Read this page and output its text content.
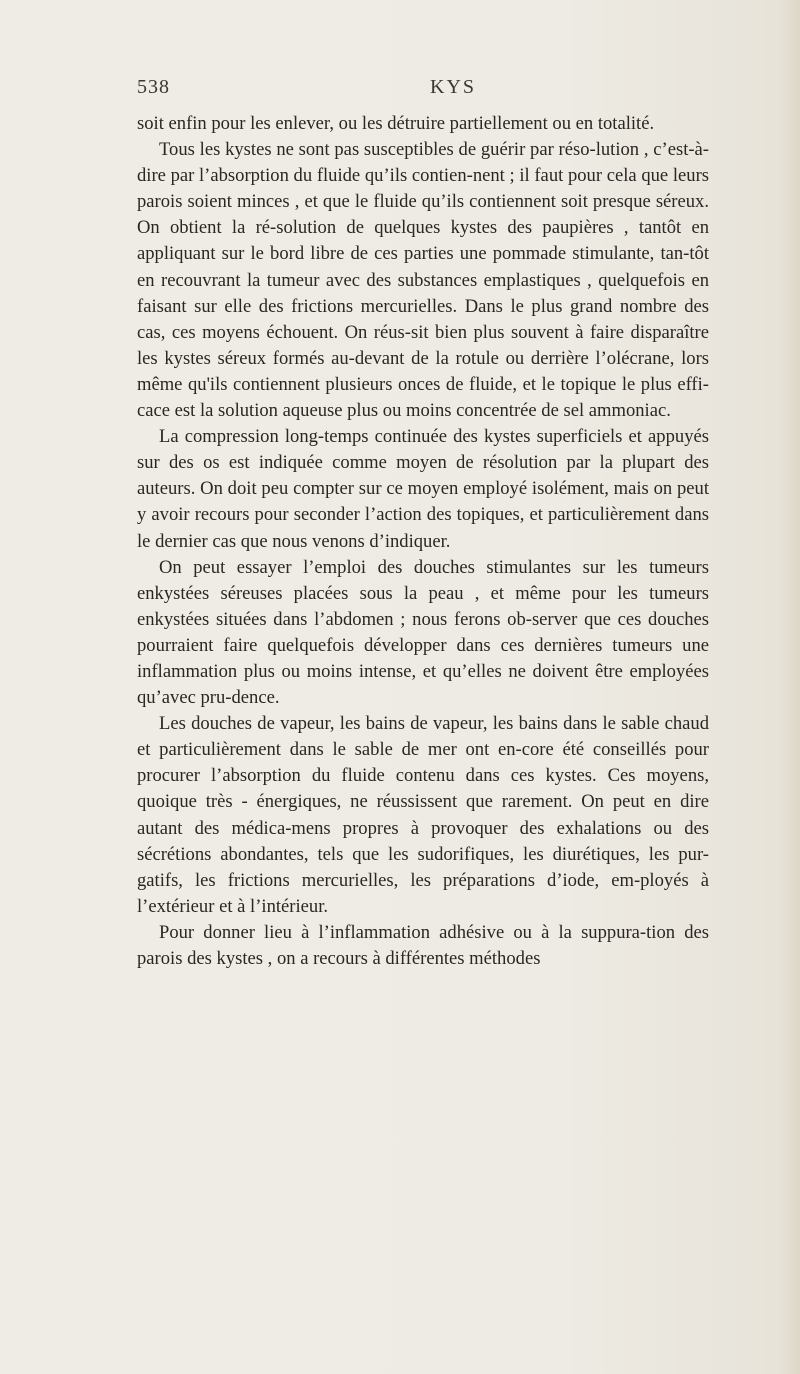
538	KYS

soit enfin pour les enlever, ou les détruire partiellement ou en totalité.

Tous les kystes ne sont pas susceptibles de guérir par réso-lution , c’est-à-dire par l’absorption du fluide qu’ils contien-nent ; il faut pour cela que leurs parois soient minces , et que le fluide qu’ils contiennent soit presque séreux. On obtient la ré-solution de quelques kystes des paupières , tantôt en appliquant sur le bord libre de ces parties une pommade stimulante, tan-tôt en recouvrant la tumeur avec des substances emplastiques , quelquefois en faisant sur elle des frictions mercurielles. Dans le plus grand nombre des cas, ces moyens échouent. On réus-sit bien plus souvent à faire disparaître les kystes séreux formés au-devant de la rotule ou derrière l’olécrane, lors même qu'ils contiennent plusieurs onces de fluide, et le topique le plus effi-cace est la solution aqueuse plus ou moins concentrée de sel ammoniac.

La compression long-temps continuée des kystes superficiels et appuyés sur des os est indiquée comme moyen de résolution par la plupart des auteurs. On doit peu compter sur ce moyen employé isolément, mais on peut y avoir recours pour seconder l’action des topiques, et particulièrement dans le dernier cas que nous venons d’indiquer.

On peut essayer l’emploi des douches stimulantes sur les tumeurs enkystées séreuses placées sous la peau , et même pour les tumeurs enkystées situées dans l’abdomen ; nous ferons ob-server que ces douches pourraient faire quelquefois développer dans ces dernières tumeurs une inflammation plus ou moins intense, et qu’elles ne doivent être employées qu’avec pru-dence.

Les douches de vapeur, les bains de vapeur, les bains dans le sable chaud et particulièrement dans le sable de mer ont en-core été conseillés pour procurer l’absorption du fluide contenu dans ces kystes. Ces moyens, quoique très - énergiques, ne réussissent que rarement. On peut en dire autant des médica-mens propres à provoquer des exhalations ou des sécrétions abondantes, tels que les sudorifiques, les diurétiques, les pur-gatifs, les frictions mercurielles, les préparations d’iode, em-ployés à l’extérieur et à l’intérieur.

Pour donner lieu à l’inflammation adhésive ou à la suppura-tion des parois des kystes , on a recours à différentes méthodes
